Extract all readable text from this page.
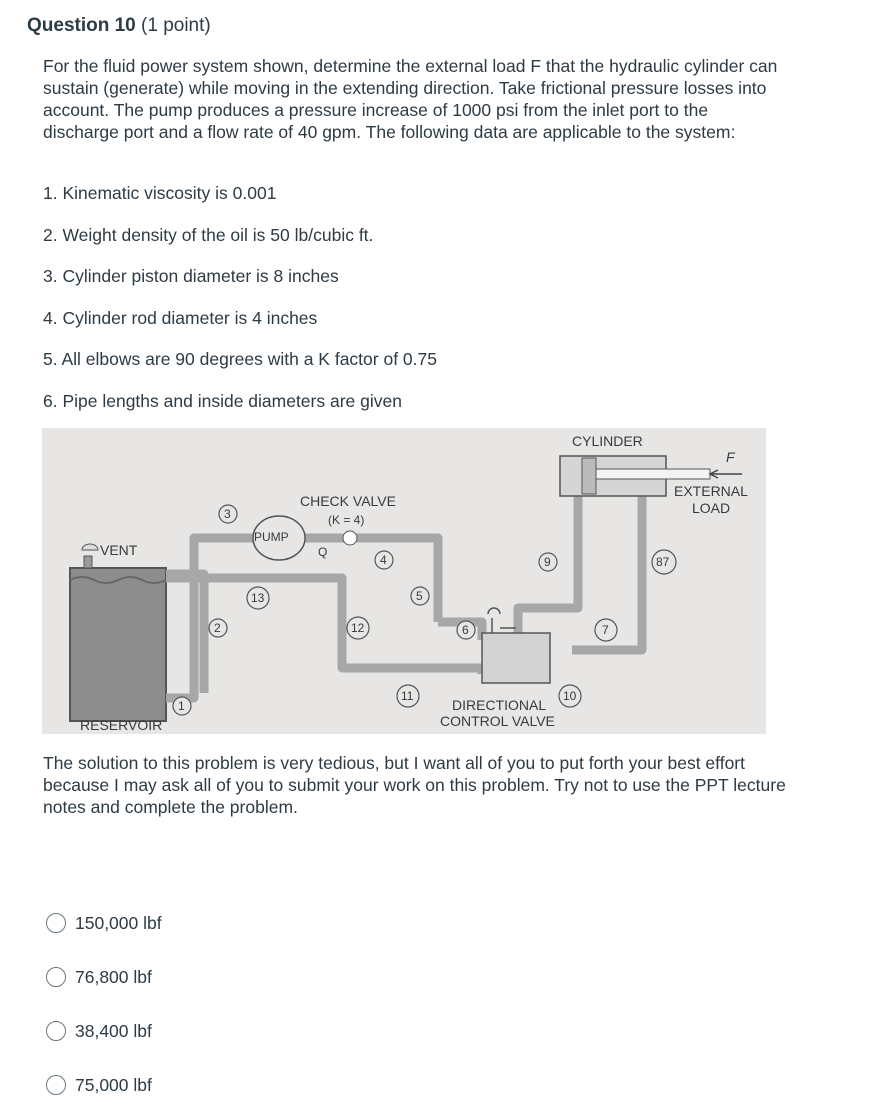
Question 10 (1 point)
For the fluid power system shown, determine the external load F that the hydraulic cylinder can sustain (generate) while moving in the extending direction. Take frictional pressure losses into account. The pump produces a pressure increase of 1000 psi from the inlet port to the discharge port and a flow rate of 40 gpm. The following data are applicable to the system:
1. Kinematic viscosity is 0.001
2. Weight density of the oil is 50 lb/cubic ft.
3. Cylinder piston diameter is 8 inches
4. Cylinder rod diameter is 4 inches
5. All elbows are 90 degrees with a K factor of 0.75
6. Pipe lengths and inside diameters are given
CYLINDER
F
EXTERNAL
LOAD
CHECK VALVE
(K = 4)
PUMP
Q
VENT
RESERVOIR
DIRECTIONAL
CONTROL VALVE
1
2
3
4
5
6	7
87
9
10
11
12
13
The solution to this problem is very tedious, but I want all of you to put forth your best effort because I may ask all of you to submit your work on this problem. Try not to use the PPT lecture notes and complete the problem.
150,000 lbf
76,800 lbf
38,400 lbf
75,000 lbf
